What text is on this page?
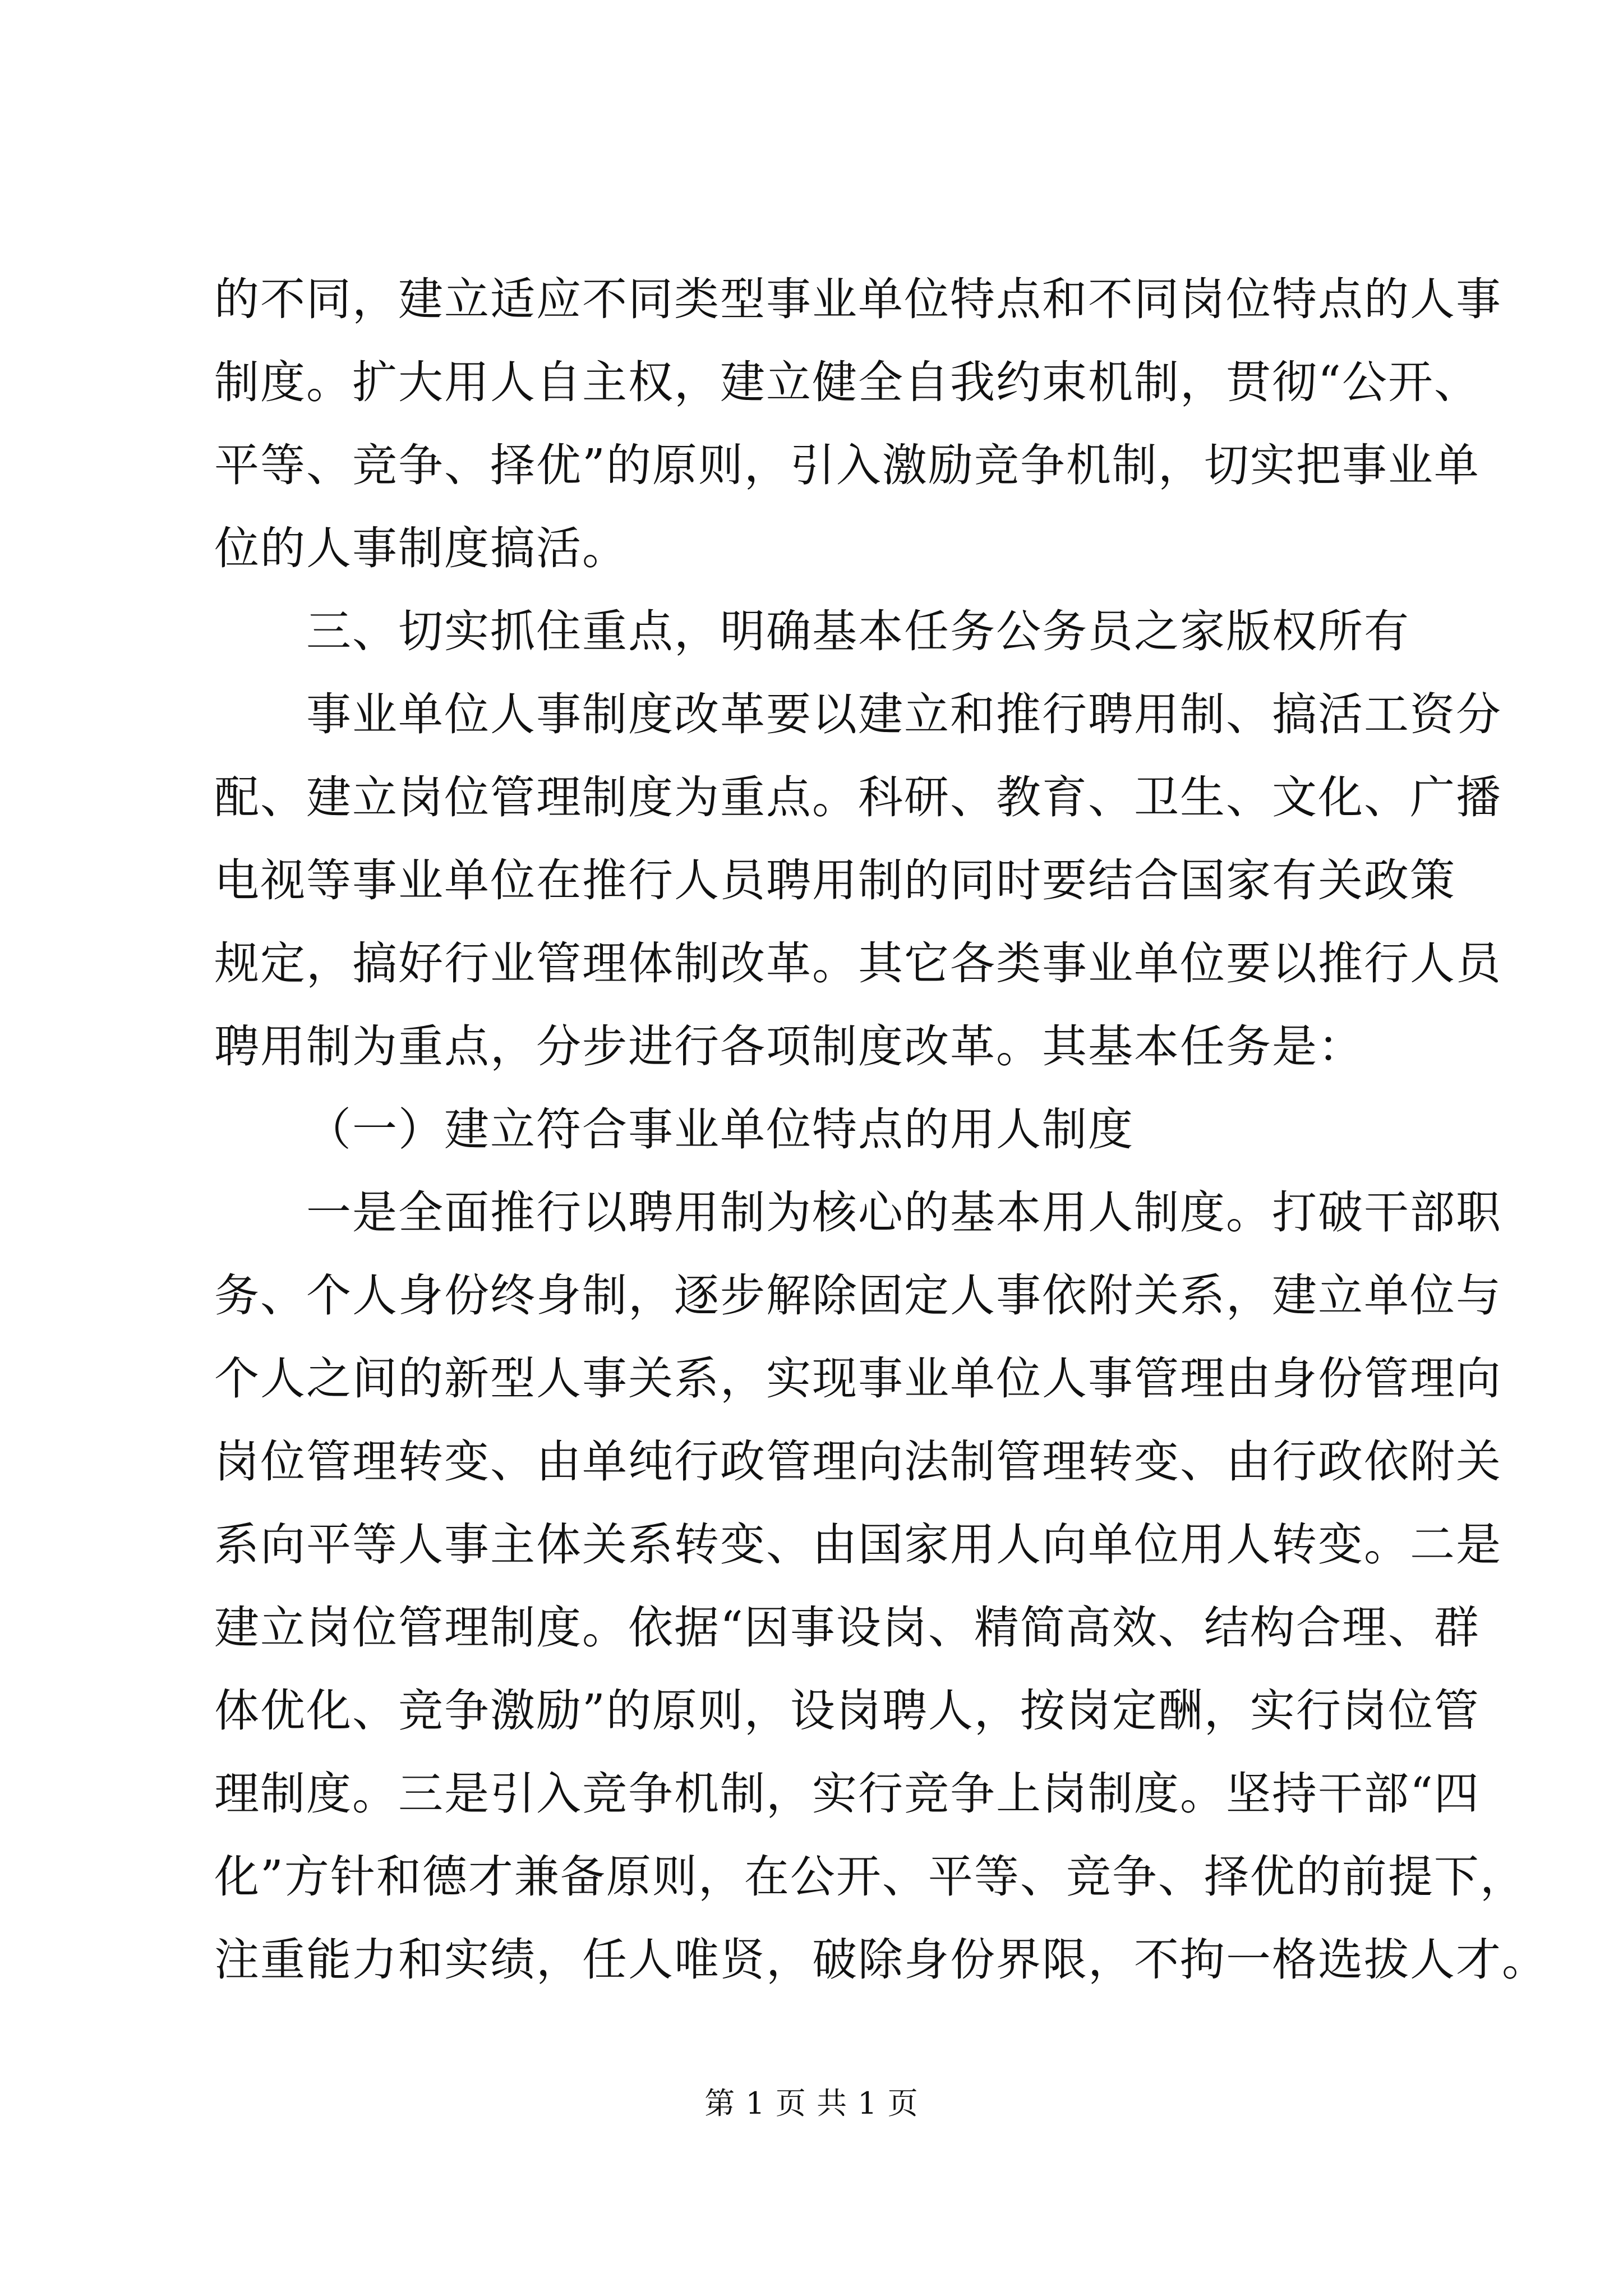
的不同，建立适应不同类型事业单位特点和不同岗位特点的人事
制度。扩大用人自主权，建立健全自我约束机制，贯彻“公开、
平等、竞争、择优”的原则，引入激励竞争机制，切实把事业单
位的人事制度搞活。
三、切实抓住重点，明确基本任务公务员之家版权所有
事业单位人事制度改革要以建立和推行聘用制、搞活工资分
配、建立岗位管理制度为重点。科研、教育、卫生、文化、广播
电视等事业单位在推行人员聘用制的同时要结合国家有关政策
规定，搞好行业管理体制改革。其它各类事业单位要以推行人员
聘用制为重点，分步进行各项制度改革。其基本任务是：
（一）建立符合事业单位特点的用人制度
一是全面推行以聘用制为核心的基本用人制度。打破干部职
务、个人身份终身制，逐步解除固定人事依附关系，建立单位与
个人之间的新型人事关系，实现事业单位人事管理由身份管理向
岗位管理转变、由单纯行政管理向法制管理转变、由行政依附关
系向平等人事主体关系转变、由国家用人向单位用人转变。二是
建立岗位管理制度。依据“因事设岗、精简高效、结构合理、群
体优化、竞争激励”的原则，设岗聘人，按岗定酬，实行岗位管
理制度。三是引入竞争机制，实行竞争上岗制度。坚持干部“四
化”方针和德才兼备原则，在公开、平等、竞争、择优的前提下，
注重能力和实绩，任人唯贤，破除身份界限，不拘一格选拔人才。
第 1 页 共 1 页
